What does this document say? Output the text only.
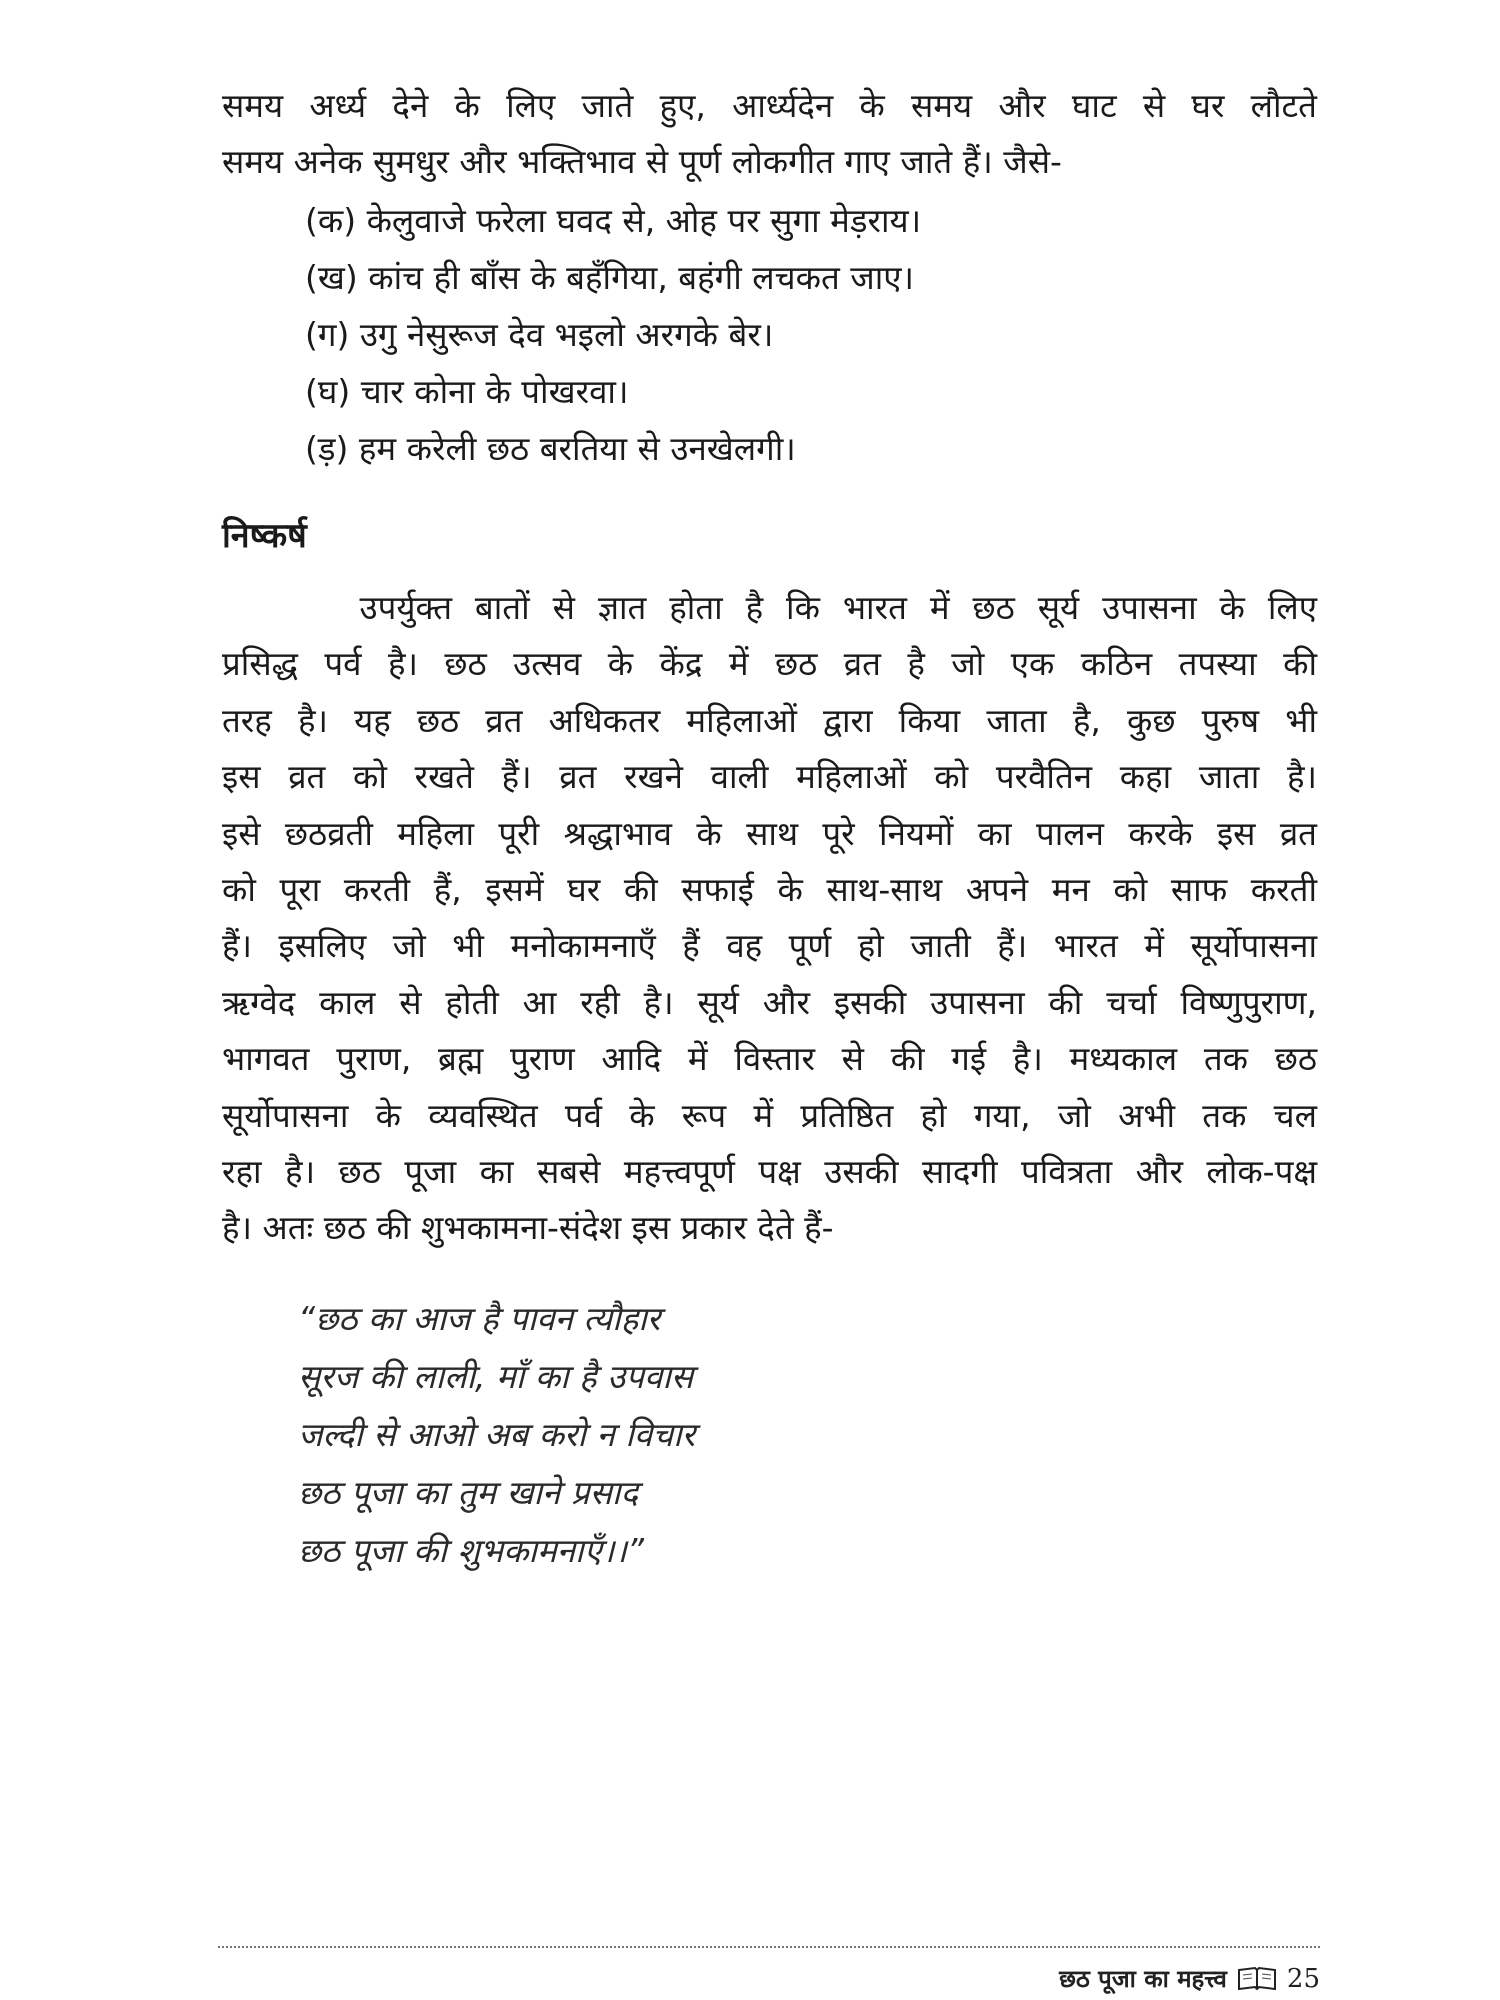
समय अर्ध्य देने के लिए जाते हुए, आर्ध्यदेन के समय और घाट से घर लौटते
समय अनेक सुमधुर और भक्तिभाव से पूर्ण लोकगीत गाए जाते हैं। जैसे-

(क) केलुवाजे फरेला घवद से, ओह पर सुगा मेड़राय।
(ख) कांच ही बाँस के बहँगिया, बहंगी लचकत जाए।
(ग) उगु नेसुरूज देव भइलो अरगके बेर।
(घ) चार कोना के पोखरवा।
(ड़) हम करेली छठ बरतिया से उनखेलगी।
निष्कर्ष

उपर्युक्त बातों से ज्ञात होता है कि भारत में छठ सूर्य उपासना के लिए
प्रसिद्ध पर्व है। छठ उत्सव के केंद्र में छठ व्रत है जो एक कठिन तपस्या की
तरह है। यह छठ व्रत अधिकतर महिलाओं द्वारा किया जाता है, कुछ पुरुष भी
इस व्रत को रखते हैं। व्रत रखने वाली महिलाओं को परवैतिन कहा जाता है।
इसे छठव्रती महिला पूरी श्रद्धाभाव के साथ पूरे नियमों का पालन करके इस व्रत
को पूरा करती हैं, इसमें घर की सफाई के साथ-साथ अपने मन को साफ करती
हैं। इसलिए जो भी मनोकामनाएँ हैं वह पूर्ण हो जाती हैं। भारत में सूर्योपासना
ऋग्वेद काल से होती आ रही है। सूर्य और इसकी उपासना की चर्चा विष्णुपुराण,
भागवत पुराण, ब्रह्म पुराण आदि में विस्तार से की गई है। मध्यकाल तक छठ
सूर्योपासना के व्यवस्थित पर्व के रूप में प्रतिष्ठित हो गया, जो अभी तक चल
रहा है। छठ पूजा का सबसे महत्त्वपूर्ण पक्ष उसकी सादगी पवित्रता और लोक-पक्ष
है। अतः छठ की शुभकामना-संदेश इस प्रकार देते हैं-

“छठ का आज है पावन त्यौहार
सूरज की लाली, माँ का है उपवास
जल्दी से आओ अब करो न विचार
छठ पूजा का तुम खाने प्रसाद
छठ पूजा की शुभकामनाएँ।।”
छठ पूजा का महत्त्व 25
